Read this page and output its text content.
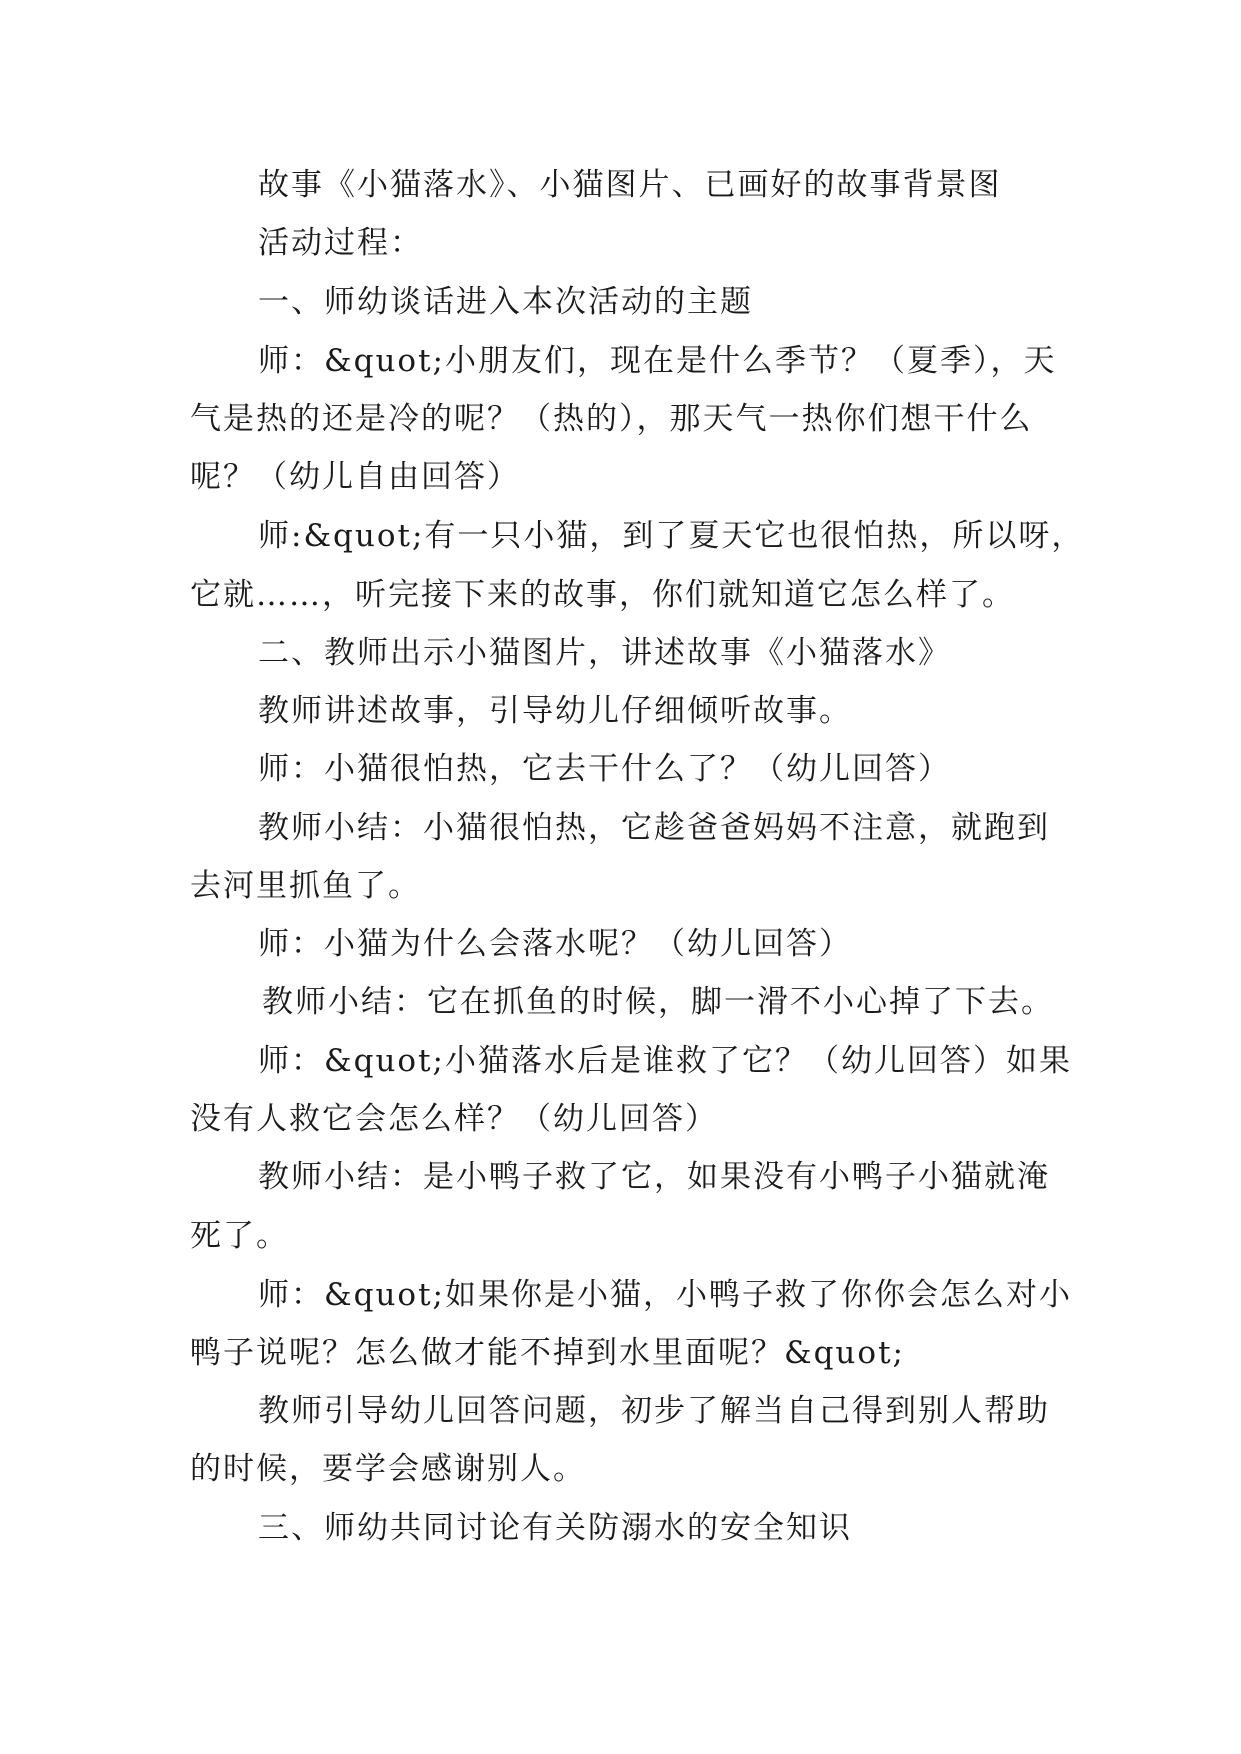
故事《小猫落水》、小猫图片、已画好的故事背景图
活动过程：
一、师幼谈话进入本次活动的主题
师：&quot;小朋友们，现在是什么季节？（夏季），天
气是热的还是冷的呢？（热的），那天气一热你们想干什么
呢？（幼儿自由回答）
师:&quot;有一只小猫，到了夏天它也很怕热，所以呀，
它就……，听完接下来的故事，你们就知道它怎么样了。
二、教师出示小猫图片，讲述故事《小猫落水》
教师讲述故事，引导幼儿仔细倾听故事。
师：小猫很怕热，它去干什么了？（幼儿回答）
教师小结：小猫很怕热，它趁爸爸妈妈不注意，就跑到
去河里抓鱼了。
师：小猫为什么会落水呢？（幼儿回答）
教师小结：它在抓鱼的时候，脚一滑不小心掉了下去。
师：&quot;小猫落水后是谁救了它？（幼儿回答）如果
没有人救它会怎么样？（幼儿回答）
教师小结：是小鸭子救了它，如果没有小鸭子小猫就淹
死了。
师：&quot;如果你是小猫，小鸭子救了你你会怎么对小
鸭子说呢？怎么做才能不掉到水里面呢？&quot;
教师引导幼儿回答问题，初步了解当自己得到别人帮助
的时候，要学会感谢别人。
三、师幼共同讨论有关防溺水的安全知识
